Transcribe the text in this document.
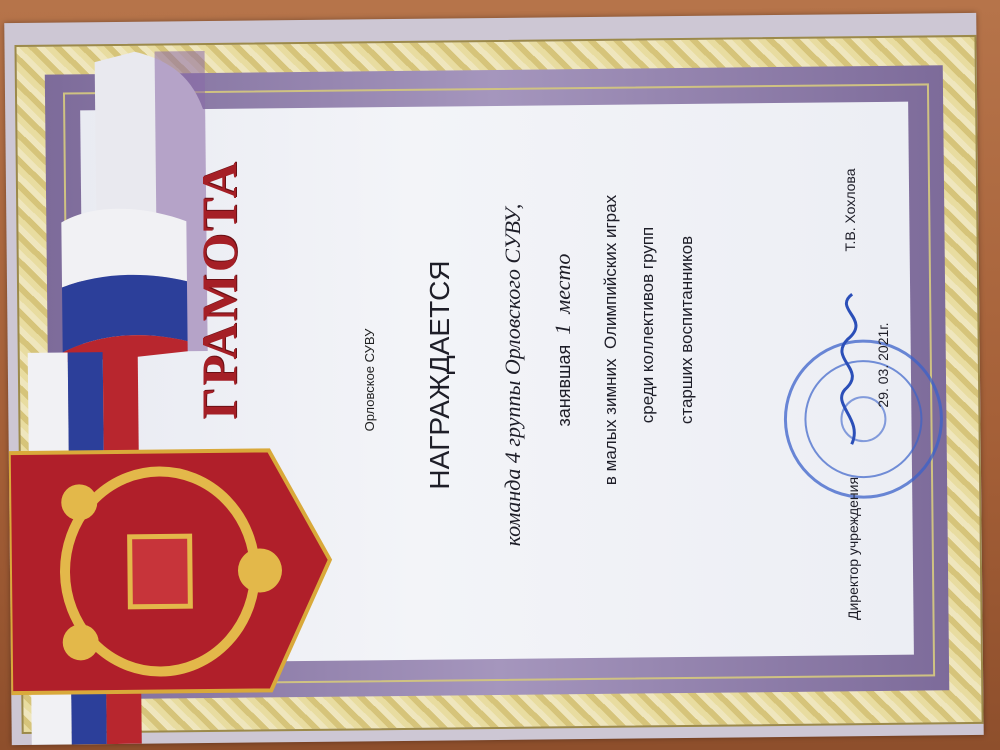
ГРАМОТА	Орловское СУВУ НАГРАЖДАЕТСЯ	команда 4 группы Орловского СУВУ, занявшая 1 место в малых зимних  Олимпийских играх	среди коллективов групп	старших воспитанников
Директор учреждения
Т.В. Хохлова
29. 03. 2021г.
